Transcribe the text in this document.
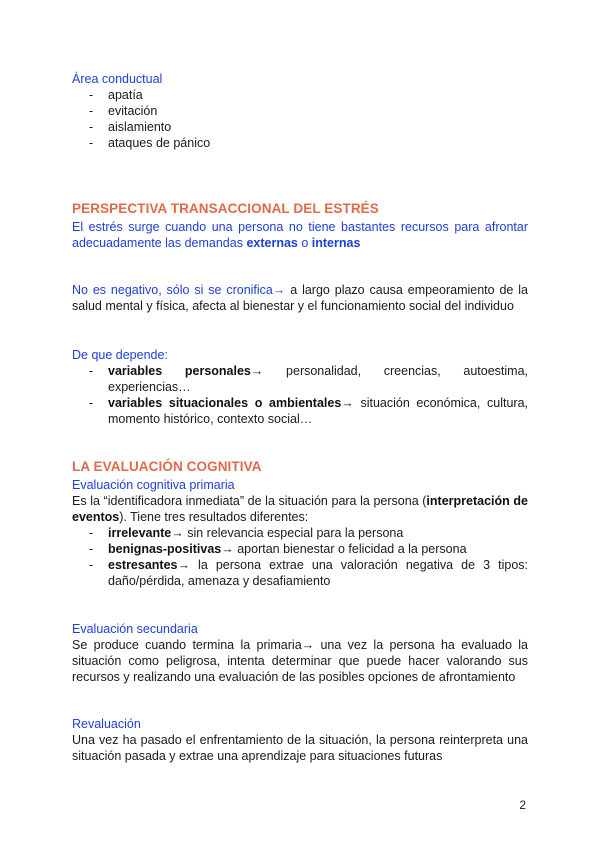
Área conductual
- apatía
- evitación
- aislamiento
- ataques de pánico
PERSPECTIVA TRANSACCIONAL DEL ESTRÉS
El estrés surge cuando una persona no tiene bastantes recursos para afrontar adecuadamente las demandas externas o internas
No es negativo, sólo si se cronifica→ a largo plazo causa empeoramiento de la salud mental y física, afecta al bienestar y el funcionamiento social del individuo
De que depende:
- variables personales→ personalidad, creencias, autoestima, experiencias…
- variables situacionales o ambientales→ situación económica, cultura, momento histórico, contexto social…
LA EVALUACIÓN COGNITIVA
Evaluación cognitiva primaria
Es la “identificadora inmediata” de la situación para la persona (interpretación de eventos). Tiene tres resultados diferentes:
- irrelevante→ sin relevancia especial para la persona
- benignas-positivas→ aportan bienestar o felicidad a la persona
- estresantes→ la persona extrae una valoración negativa de 3 tipos: daño/pérdida, amenaza y desafiamiento
Evaluación secundaria
Se produce cuando termina la primaria→ una vez la persona ha evaluado la situación como peligrosa, intenta determinar que puede hacer valorando sus recursos y realizando una evaluación de las posibles opciones de afrontamiento
Revaluación
Una vez ha pasado el enfrentamiento de la situación, la persona reinterpreta una situación pasada y extrae una aprendizaje para situaciones futuras
2
